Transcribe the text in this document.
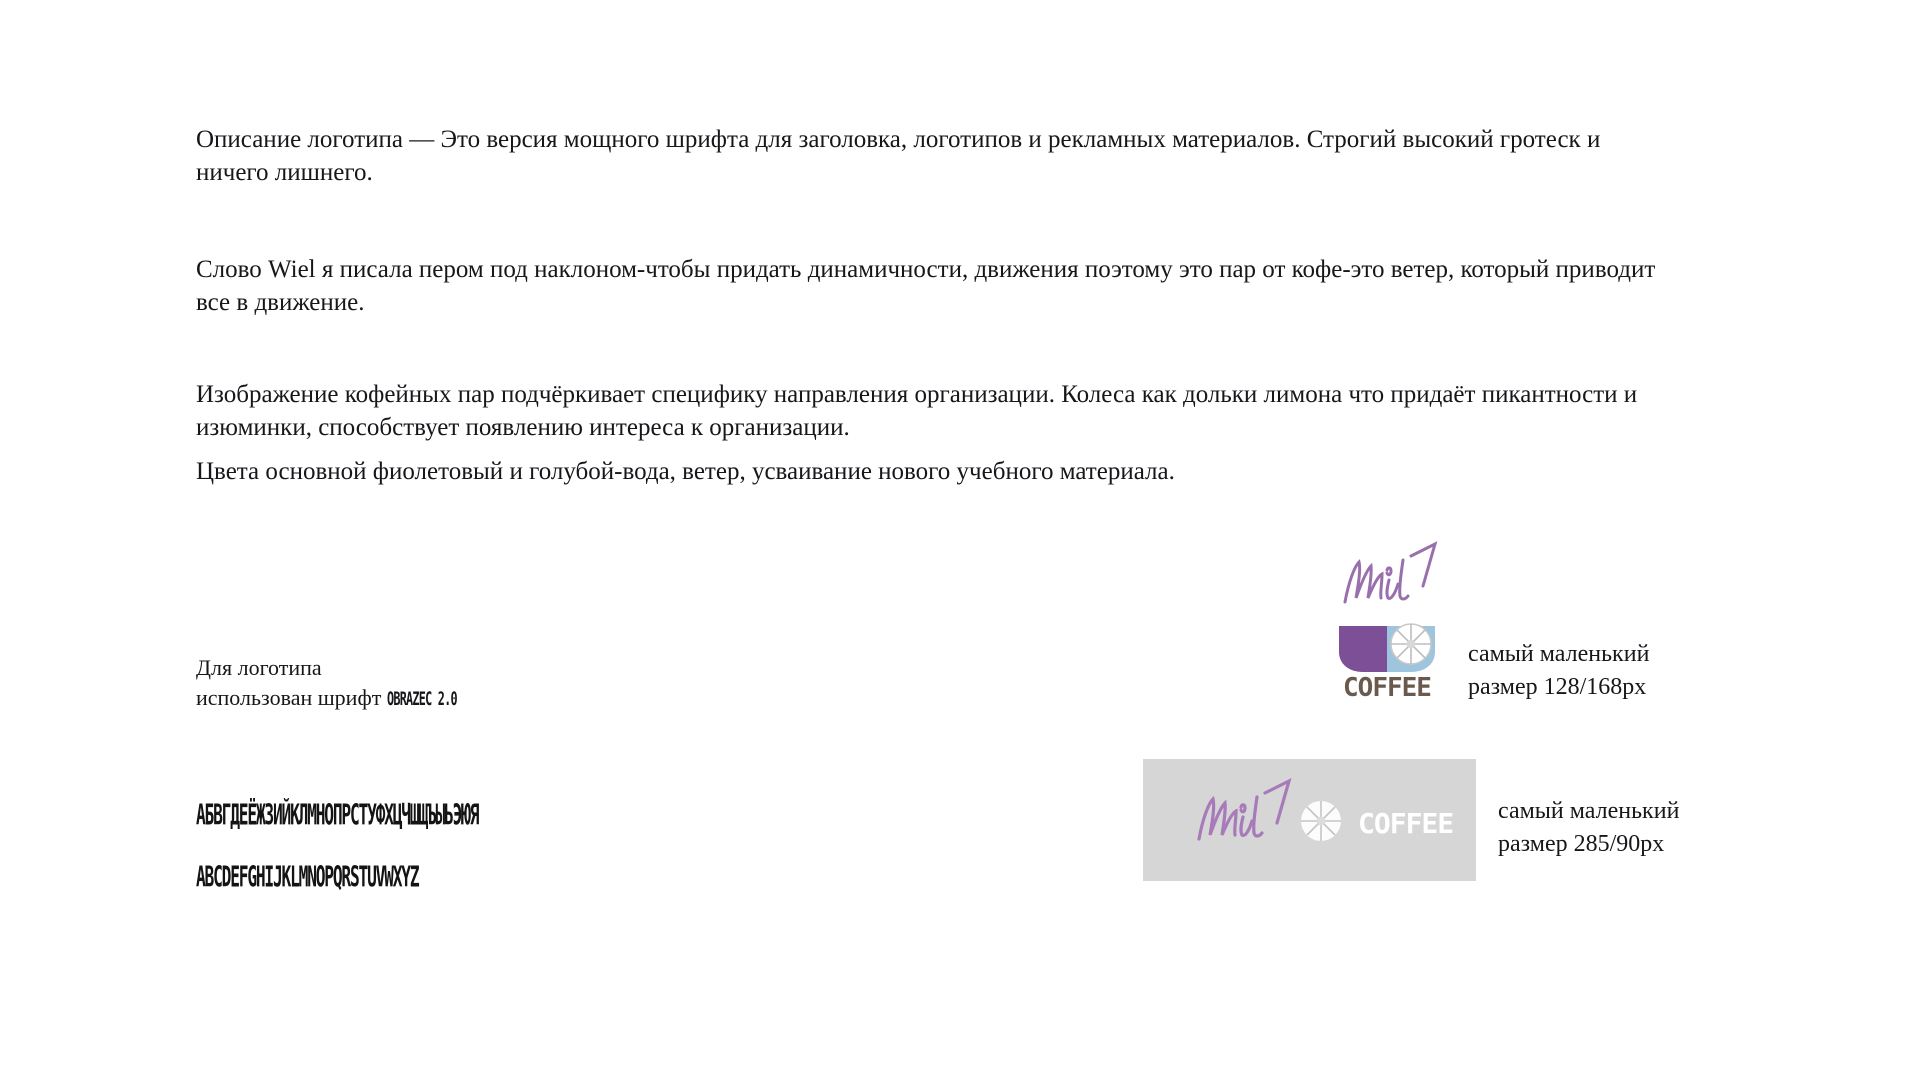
Описание логотипа — Это версия мощного шрифта для заголовка, логотипов и рекламных материалов. Строгий высокий гротеск и ничего лишнего.

Слово Wiel я писала пером под наклоном-чтобы придать динамичности, движения поэтому это пар от кофе-это ветер, который приводит все в движение.

Изображение кофейных пар подчёркивает специфику направления организации. Колеса как дольки лимона что придаёт пикантности и изюминки, способствует появлению интереса к организации.

Цвета основной фиолетовый и голубой-вода, ветер, усваивание нового учебного материала.

Для логотипа
использован шрифт OBRAZEC 2.0
АБВГДЕЁЖЗИЙКЛМНОПРСТУФХЦЧШЩЪЫЬЭЮЯ
ABCDEFGHIJKLMNOPQRSTUVWXYZ
COFFEE
самый маленький
размер 128/168px
COFFEE самый маленький
размер 285/90px
